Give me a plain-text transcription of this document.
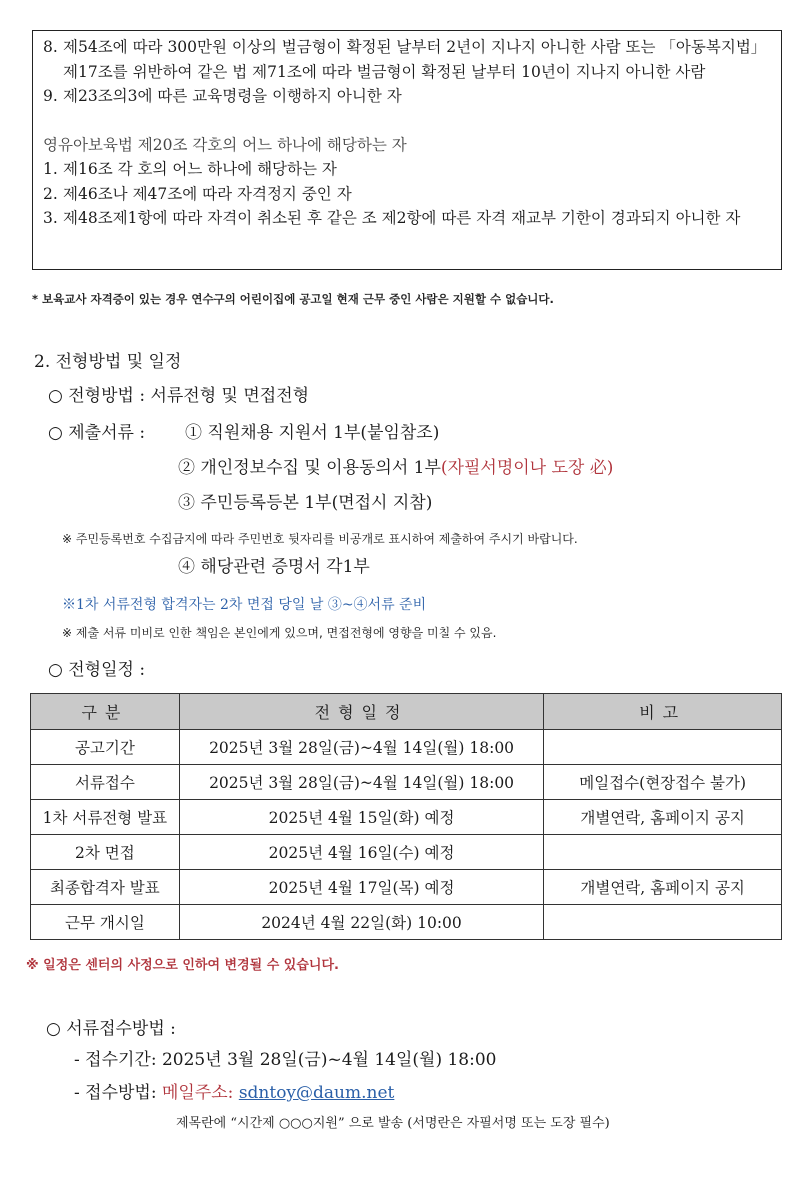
8. 제54조에 따라 300만원 이상의 벌금형이 확정된 날부터 2년이 지나지 아니한 사람 또는 「아동복지법」 제17조를 위반하여 같은 법 제71조에 따라 벌금형이 확정된 날부터 10년이 지나지 아니한 사람
9. 제23조의3에 따른 교육명령을 이행하지 아니한 자
영유아보육법 제20조 각호의 어느 하나에 해당하는 자
1. 제16조 각 호의 어느 하나에 해당하는 자
2. 제46조나 제47조에 따라 자격정지 중인 자
3. 제48조제1항에 따라 자격이 취소된 후 같은 조 제2항에 따른 자격 재교부 기한이 경과되지 아니한 자
* 보육교사 자격증이 있는 경우 연수구의 어린이집에 공고일 현재 근무 중인 사람은 지원할 수 없습니다.
2. 전형방법 및 일정
○ 전형방법 : 서류전형 및 면접전형
○ 제출서류 : ① 직원채용 지원서 1부(붙임참조)
② 개인정보수집 및 이용동의서 1부(자필서명이나 도장 必)
③ 주민등록등본 1부(면접시 지참)
※ 주민등록번호 수집금지에 따라 주민번호 뒷자리를 비공개로 표시하여 제출하여 주시기 바랍니다.
④ 해당관련 증명서 각1부
※1차 서류전형 합격자는 2차 면접 당일 날 ③~④서류 준비
※ 제출 서류 미비로 인한 책임은 본인에게 있으며, 면접전형에 영향을 미칠 수 있음.
○ 전형일정 :
구분	전형일정	비고
공고기간	2025년 3월 28일(금)~4월 14일(월) 18:00	
서류접수	2025년 3월 28일(금)~4월 14일(월) 18:00	메일접수(현장접수 불가)
1차 서류전형 발표	2025년 4월 15일(화) 예정	개별연락, 홈페이지 공지
2차 면접	2025년 4월 16일(수) 예정	
최종합격자 발표	2025년 4월 17일(목) 예정	개별연락, 홈페이지 공지
근무 개시일	2024년 4월 22일(화) 10:00	
※ 일정은 센터의 사정으로 인하여 변경될 수 있습니다.
○ 서류접수방법 :
- 접수기간: 2025년 3월 28일(금)~4월 14일(월) 18:00
- 접수방법: 메일주소: sdntoy@daum.net
제목란에 “시간제 ○○○지원” 으로 발송 (서명란은 자필서명 또는 도장 필수)
